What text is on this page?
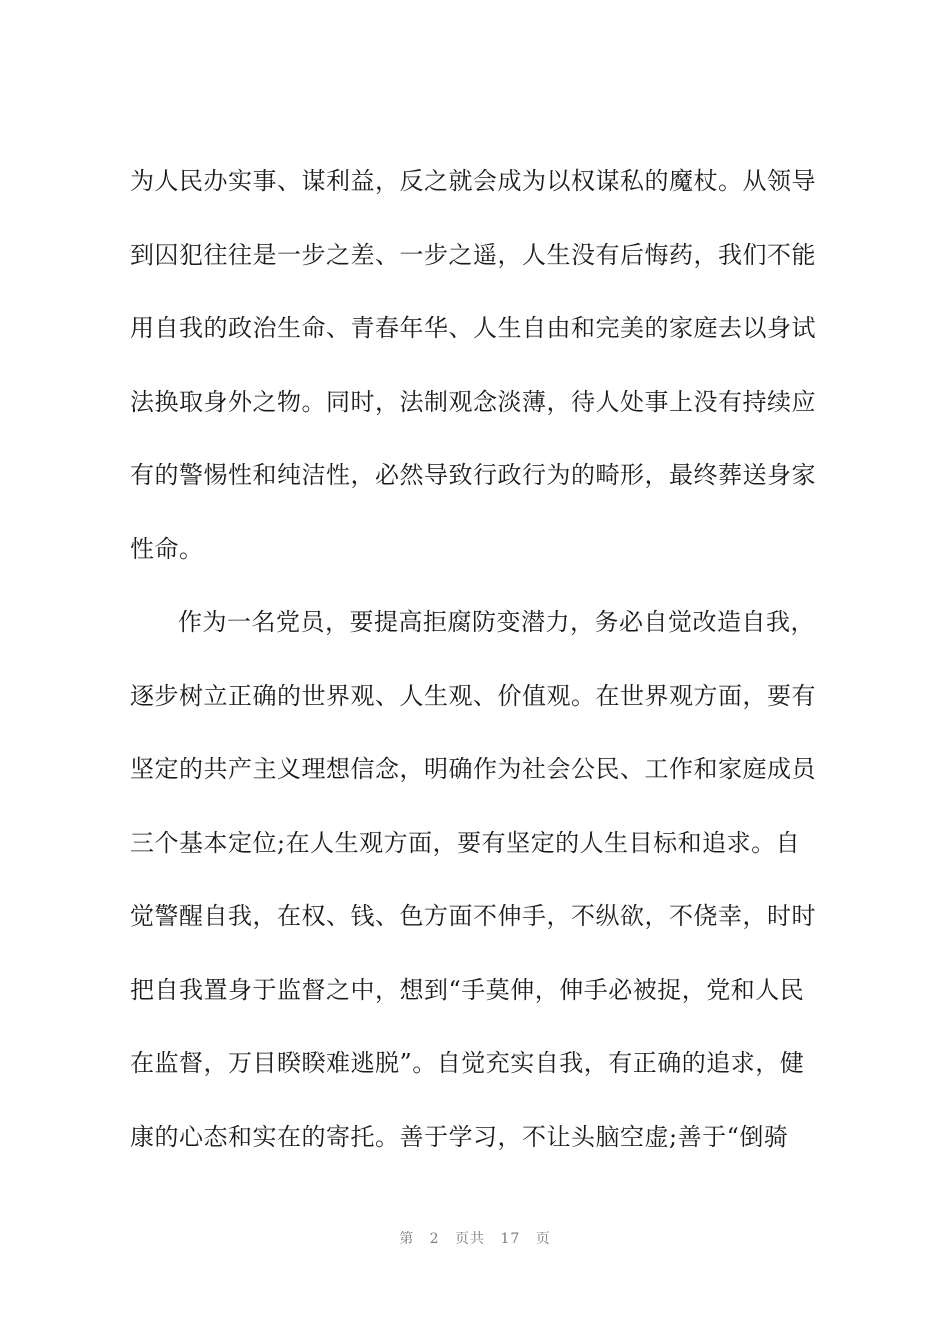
为人民办实事、谋利益，反之就会成为以权谋私的魔杖。从领导
到囚犯往往是一步之差、一步之遥，人生没有后悔药，我们不能
用自我的政治生命、青春年华、人生自由和完美的家庭去以身试
法换取身外之物。同时，法制观念淡薄，待人处事上没有持续应
有的警惕性和纯洁性，必然导致行政行为的畸形，最终葬送身家
性命。
作为一名党员，要提高拒腐防变潜力，务必自觉改造自我，
逐步树立正确的世界观、人生观、价值观。在世界观方面，要有
坚定的共产主义理想信念，明确作为社会公民、工作和家庭成员
三个基本定位;在人生观方面，要有坚定的人生目标和追求。自
觉警醒自我，在权、钱、色方面不伸手，不纵欲，不侥幸，时时
把自我置身于监督之中，想到“手莫伸，伸手必被捉，党和人民
在监督，万目睽睽难逃脱”。自觉充实自我，有正确的追求，健
康的心态和实在的寄托。善于学习，不让头脑空虚;善于“倒骑
第 2 页共 17 页
